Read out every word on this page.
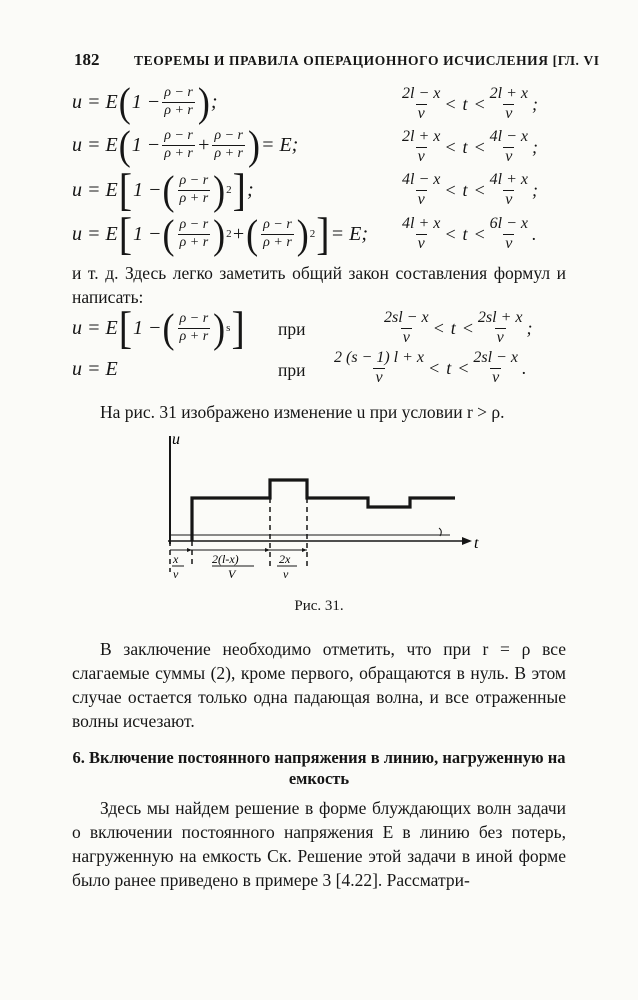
182	ТЕОРЕМЫ И ПРАВИЛА ОПЕРАЦИОННОГО ИСЧИСЛЕНИЯ [ГЛ. VI
u = E ( $1 - \frac{\rho - r}{\rho + r}$ ) ;	$\frac{2l - x}{v} < t < \frac{2l + x}{v}$ ;
u = E ( $1 - \frac{\rho - r}{\rho + r} + \frac{\rho - r}{\rho + r}$ ) = E;	$\frac{2l + x}{v} < t < \frac{4l - x}{v}$ ;
u = E [ 1 − ( $\frac{\rho - r}{\rho + r}$ ) 2 ] ;	$\frac{4l - x}{v} < t < \frac{4l + x}{v}$ ;
u = E [ 1 − ( $\frac{\rho - r}{\rho + r}$ ) 2 + ( $\frac{\rho - r}{\rho + r}$ ) 2 ] = E; $\frac{4l + x}{v} < t < \frac{6l - x}{v}$ .
и т. д. Здесь легко заметить общий закон составления формул и написать:
u = E [ 1 − ( $\frac{\rho - r}{\rho + r}$ ) s ] при	$\frac{2sl - x}{v} < t < \frac{2sl + x}{v}$ ;
u = E	при $\frac{2 (s - 1) l + x}{v} < t < \frac{2sl - x}{v}$ .
На рис. 31 изображено изменение u при условии r > ρ.
u
t
x
v
2(l-x)
V
2x
v
Рис. 31.
В заключение необходимо отметить, что при r = ρ все слагаемые суммы (2), кроме первого, обращаются в нуль. В этом случае остается только одна падающая волна, и все отраженные волны исчезают.
6. Включение постоянного напряжения в линию, нагруженную на емкость
Здесь мы найдем решение в форме блуждающих волн задачи о включении постоянного напряжения E в линию без потерь, нагруженную на емкость Cк. Решение этой задачи в иной форме было ранее приведено в примере 3 [4.22]. Рассматри-
